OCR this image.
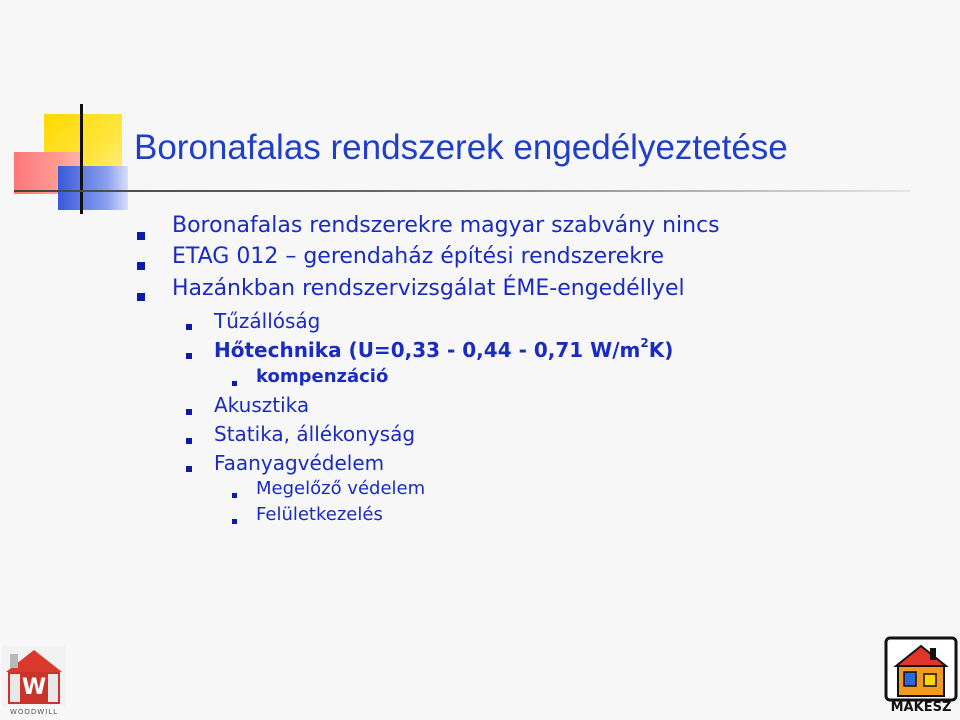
Boronafalas rendszerek engedélyeztetése
Boronafalas rendszerekre magyar szabvány nincs
ETAG 012 – gerendaház építési rendszerekre
Hazánkban rendszervizsgálat ÉME-engedéllyel
Tűzállóság
Hőtechnika (U=0,33 - 0,44 - 0,71 $W/m^2K$)
kompenzáció
Akusztika
Statika, állékonyság
Faanyagvédelem
Megelőző védelem
Felületkezelés
W
WOODWILL	MAKÉSZ
